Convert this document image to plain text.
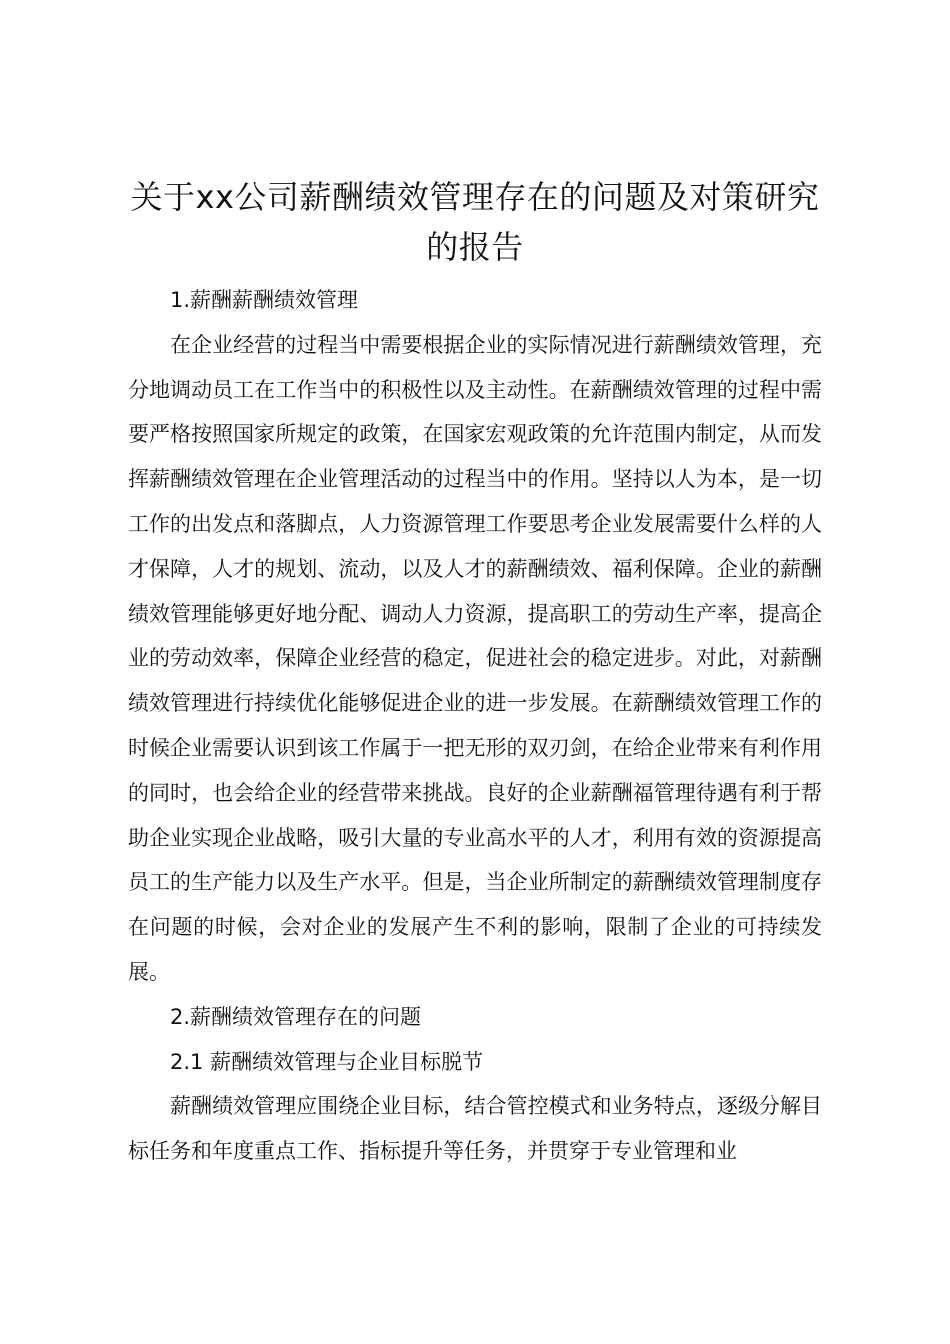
关于xx公司薪酬绩效管理存在的问题及对策研究的报告

1.薪酬薪酬绩效管理

在企业经营的过程当中需要根据企业的实际情况进行薪酬绩效管理，充分地调动员工在工作当中的积极性以及主动性。在薪酬绩效管理的过程中需要严格按照国家所规定的政策，在国家宏观政策的允许范围内制定，从而发挥薪酬绩效管理在企业管理活动的过程当中的作用。坚持以人为本，是一切工作的出发点和落脚点，人力资源管理工作要思考企业发展需要什么样的人才保障，人才的规划、流动，以及人才的薪酬绩效、福利保障。企业的薪酬绩效管理能够更好地分配、调动人力资源，提高职工的劳动生产率，提高企业的劳动效率，保障企业经营的稳定，促进社会的稳定进步。对此，对薪酬绩效管理进行持续优化能够促进企业的进一步发展。在薪酬绩效管理工作的时候企业需要认识到该工作属于一把无形的双刃剑，在给企业带来有利作用的同时，也会给企业的经营带来挑战。良好的企业薪酬福管理待遇有利于帮助企业实现企业战略，吸引大量的专业高水平的人才，利用有效的资源提高员工的生产能力以及生产水平。但是，当企业所制定的薪酬绩效管理制度存在问题的时候，会对企业的发展产生不利的影响，限制了企业的可持续发展。

2.薪酬绩效管理存在的问题

2.1 薪酬绩效管理与企业目标脱节

薪酬绩效管理应围绕企业目标，结合管控模式和业务特点，逐级分解目标任务和年度重点工作、指标提升等任务，并贯穿于专业管理和业
